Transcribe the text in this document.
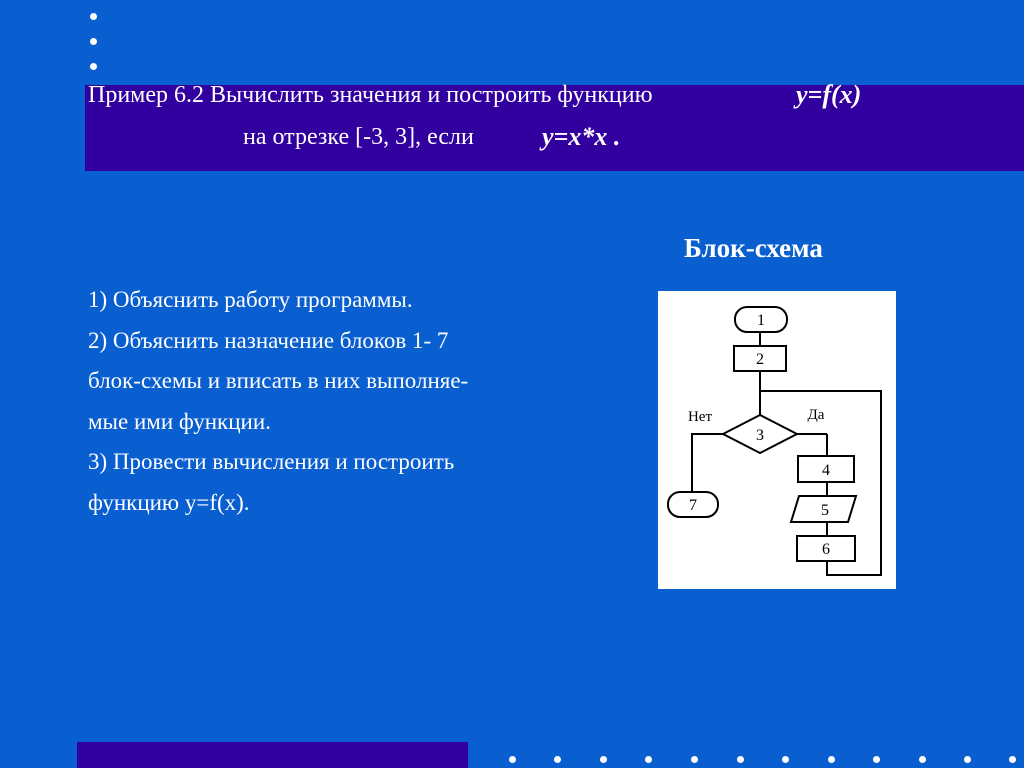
Пример 6.2 Вычислить значения и построить функцию	y=f(x)
на отрезке [-3, 3], если	y=x*x .
Блок-схема
1) Объяснить работу программы.
2) Объяснить назначение блоков 1- 7
блок-схемы и вписать в них выполняе-
мые ими функции.
3) Провести вычисления и построить
функцию y=f(x).
1
2
3
4
5
6
7
Нет	Да
